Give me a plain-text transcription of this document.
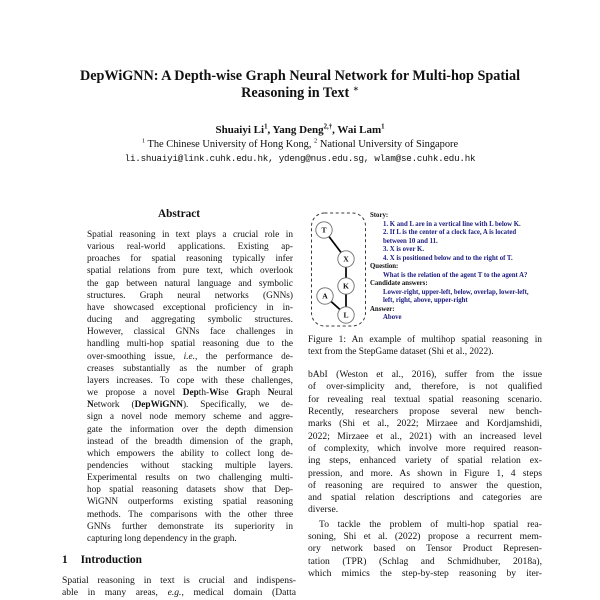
DepWiGNN: A Depth-wise Graph Neural Network for Multi-hop Spatial
Reasoning in Text ∗
Shuaiyi Li$^1$, Yang Deng$^{2,\dagger}$, Wai Lam$^1$
$^1$ The Chinese University of Hong Kong, $^2$ National University of Singapore
li.shuaiyi@link.cuhk.edu.hk, ydeng@nus.edu.sg, wlam@se.cuhk.edu.hk
Abstract
Spatial reasoning in text plays a crucial role in
various real-world applications. Existing ap-
proaches for spatial reasoning typically infer
spatial relations from pure text, which overlook
the gap between natural language and symbolic
structures. Graph neural networks (GNNs)
have showcased exceptional proficiency in in-
ducing and aggregating symbolic structures.
However, classical GNNs face challenges in
handling multi-hop spatial reasoning due to the
over-smoothing issue, i.e., the performance de-
creases substantially as the number of graph
layers increases. To cope with these challenges,
we propose a novel Depth-Wise Graph Neural
Network (DepWiGNN). Specifically, we de-
sign a novel node memory scheme and aggre-
gate the information over the depth dimension
instead of the breadth dimension of the graph,
which empowers the ability to collect long de-
pendencies without stacking multiple layers.
Experimental results on two challenging multi-
hop spatial reasoning datasets show that Dep-
WiGNN outperforms existing spatial reasoning
methods. The comparisons with the other three
GNNs further demonstrate its superiority in
capturing long dependency in the graph.
1 Introduction
Spatial reasoning in text is crucial and indispens-
able in many areas, e.g., medical domain (Datta
T
X
K
A
L
Story:
1. K and L are in a vertical line with L below K.
2. If L is the center of a clock face, A is located
between 10 and 11.
3. X is over K.
4. X is positioned below and to the right of T.
Question:
What is the relation of the agent T to the agent A?
Candidate answers:
Lower-right, upper-left, below, overlap, lower-left,
left, right, above, upper-right
Answer:
Above
Figure 1: An example of multihop spatial reasoning in
text from the StepGame dataset (Shi et al., 2022).
bAbI (Weston et al., 2016), suffer from the issue
of over-simplicity and, therefore, is not qualified
for revealing real textual spatial reasoning scenario.
Recently, researchers propose several new bench-
marks (Shi et al., 2022; Mirzaee and Kordjamshidi,
2022; Mirzaee et al., 2021) with an increased level
of complexity, which involve more required reason-
ing steps, enhanced variety of spatial relation ex-
pression, and more. As shown in Figure 1, 4 steps
of reasoning are required to answer the question,
and spatial relation descriptions and categories are
diverse.
To tackle the problem of multi-hop spatial rea-
soning, Shi et al. (2022) propose a recurrent mem-
ory network based on Tensor Product Represen-
tation (TPR) (Schlag and Schmidhuber, 2018a),
which mimics the step-by-step reasoning by iter-
